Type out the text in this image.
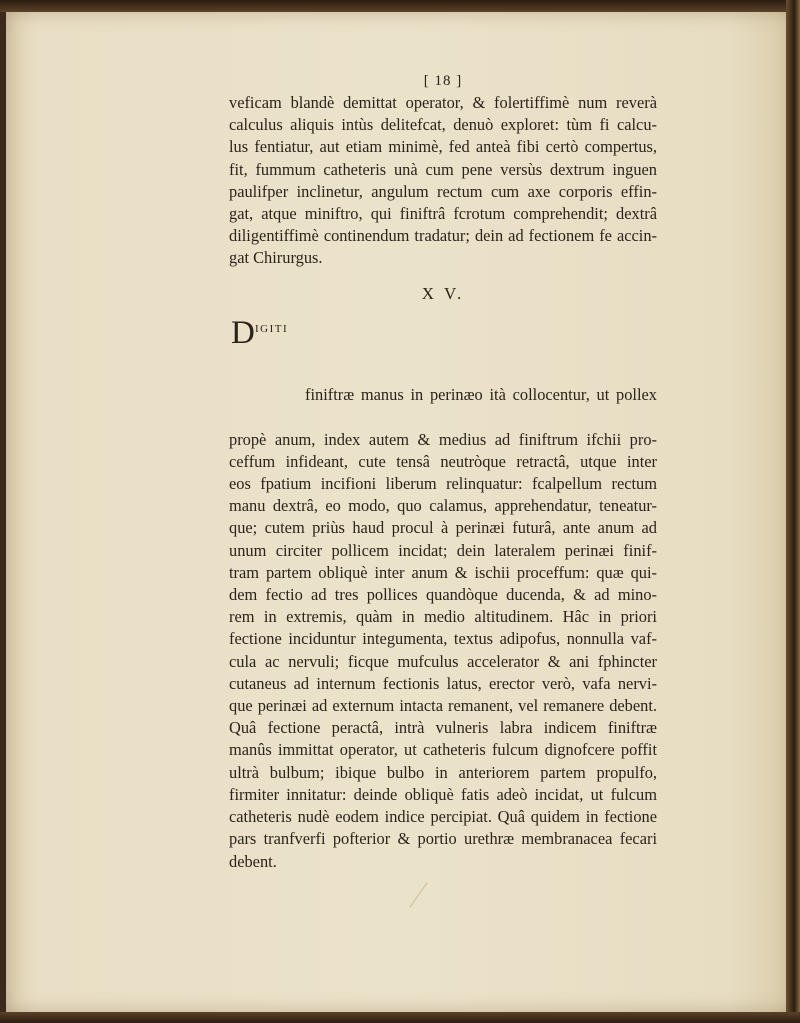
[ 18 ]
veficam blandè demittat operator, & folertiffimè num reverà
calculus aliquis intùs delitefcat, denuò exploret: tùm fi calcu-
lus fentiatur, aut etiam minimè, fed anteà fibi certò compertus,
fit, fummum catheteris unà cum pene versùs dextrum inguen
paulifper inclinetur, angulum rectum cum axe corporis effin-
gat, atque miniftro, qui finiftrâ fcrotum comprehendit; dextrâ
diligentiffimè continendum tradatur; dein ad fectionem fe accin-
gat Chirurgus.
X V.

D IGITI

finiftræ manus in perinæo ità collocentur, ut pollex

propè anum, index autem & medius ad finiftrum ifchii pro-
ceffum infideant, cute tensâ neutròque retractâ, utque inter
eos fpatium incifioni liberum relinquatur: fcalpellum rectum
manu dextrâ, eo modo, quo calamus, apprehendatur, teneatur-
que; cutem priùs haud procul à perinæi futurâ, ante anum ad
unum circiter pollicem incidat; dein lateralem perinæi finif-
tram partem obliquè inter anum & ischii proceffum: quæ qui-
dem fectio ad tres pollices quandòque ducenda, & ad mino-
rem in extremis, quàm in medio altitudinem. Hâc in priori
fectione inciduntur integumenta, textus adipofus, nonnulla vaf-
cula ac nervuli; ficque mufculus accelerator & ani fphincter
cutaneus ad internum fectionis latus, erector verò, vafa nervi-
que perinæi ad externum intacta remanent, vel remanere debent.
Quâ fectione peractâ, intrà vulneris labra indicem finiftræ
manûs immittat operator, ut catheteris fulcum dignofcere poffit
ultrà bulbum; ibique bulbo in anteriorem partem propulfo,
firmiter innitatur: deinde obliquè fatis adeò incidat, ut fulcum
catheteris nudè eodem indice percipiat. Quâ quidem in fectione
pars tranfverfi pofterior & portio urethræ membranacea fecari
debent.
